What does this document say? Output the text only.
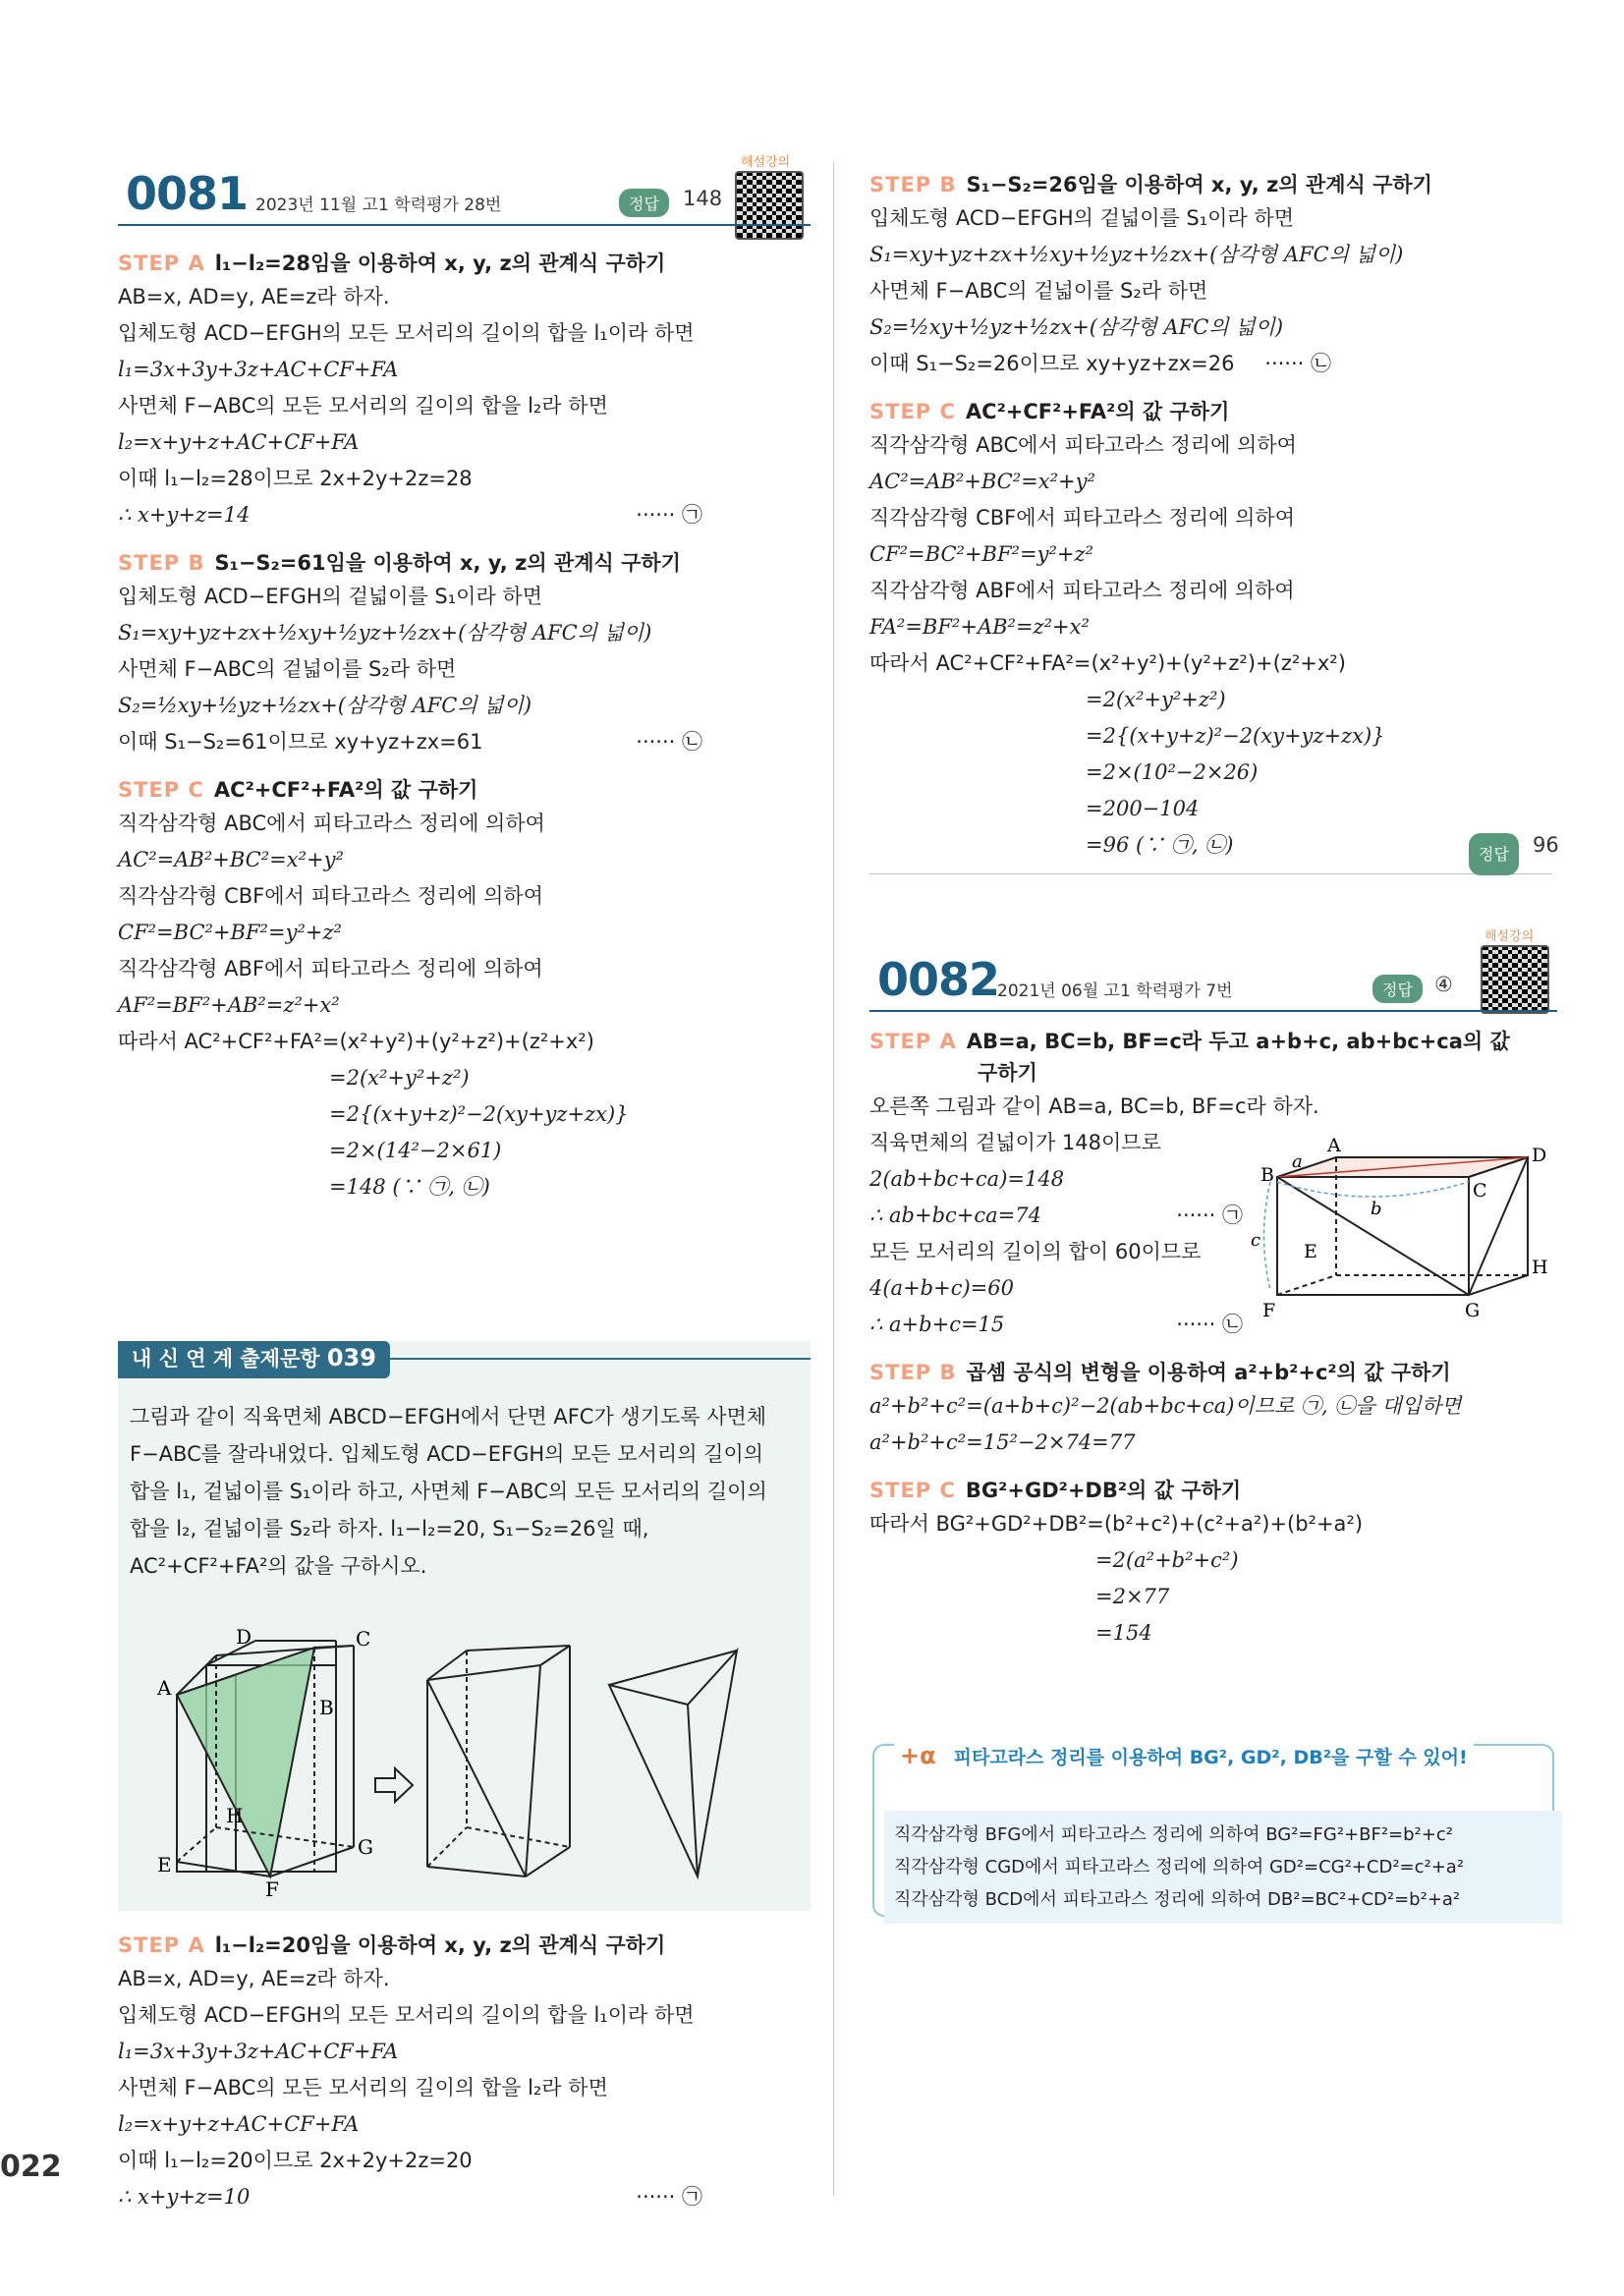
0081 2023년 11월 고1 학력평가 28번	정답	148
해설강의
STEP A l₁−l₂=28임을 이용하여 x, y, z의 관계식 구하기
AB=x, AD=y, AE=z라 하자.
입체도형 ACD−EFGH의 모든 모서리의 길이의 합을 l₁이라 하면
l₁=3x+3y+3z+AC+CF+FA
사면체 F−ABC의 모든 모서리의 길이의 합을 l₂라 하면
l₂=x+y+z+AC+CF+FA
이때 l₁−l₂=28이므로 2x+2y+2z=28
∴ x+y+z=14	······ ㉠
STEP B S₁−S₂=61임을 이용하여 x, y, z의 관계식 구하기
입체도형 ACD−EFGH의 겉넓이를 S₁이라 하면
S₁=xy+yz+zx+½xy+½yz+½zx+(삼각형 AFC의 넓이)
사면체 F−ABC의 겉넓이를 S₂라 하면
S₂=½xy+½yz+½zx+(삼각형 AFC의 넓이)
이때 S₁−S₂=61이므로 xy+yz+zx=61	······ ㉡
STEP C AC²+CF²+FA²의 값 구하기
직각삼각형 ABC에서 피타고라스 정리에 의하여
AC²=AB²+BC²=x²+y²
직각삼각형 CBF에서 피타고라스 정리에 의하여
CF²=BC²+BF²=y²+z²
직각삼각형 ABF에서 피타고라스 정리에 의하여
AF²=BF²+AB²=z²+x²
따라서 AC²+CF²+FA²=(x²+y²)+(y²+z²)+(z²+x²)
=2(x²+y²+z²)
=2{(x+y+z)²−2(xy+yz+zx)}
=2×(14²−2×61)
=148 (∵ ㉠, ㉡)
내 신 연 계 출제문항 039
그림과 같이 직육면체 ABCD−EFGH에서 단면 AFC가 생기도록 사면체
F−ABC를 잘라내었다. 입체도형 ACD−EFGH의 모든 모서리의 길이의
합을 l₁, 겉넓이를 S₁이라 하고, 사면체 F−ABC의 모든 모서리의 길이의
합을 l₂, 겉넓이를 S₂라 하자. l₁−l₂=20, S₁−S₂=26일 때,
AC²+CF²+FA²의 값을 구하시오.
D
A
C
B
H
G
E
F
STEP A l₁−l₂=20임을 이용하여 x, y, z의 관계식 구하기
AB=x, AD=y, AE=z라 하자.
입체도형 ACD−EFGH의 모든 모서리의 길이의 합을 l₁이라 하면
l₁=3x+3y+3z+AC+CF+FA
사면체 F−ABC의 모든 모서리의 길이의 합을 l₂라 하면
l₂=x+y+z+AC+CF+FA
이때 l₁−l₂=20이므로 2x+2y+2z=20
∴ x+y+z=10	······ ㉠
STEP B S₁−S₂=26임을 이용하여 x, y, z의 관계식 구하기
입체도형 ACD−EFGH의 겉넓이를 S₁이라 하면
S₁=xy+yz+zx+½xy+½yz+½zx+(삼각형 AFC의 넓이)
사면체 F−ABC의 겉넓이를 S₂라 하면
S₂=½xy+½yz+½zx+(삼각형 AFC의 넓이)
이때 S₁−S₂=26이므로 xy+yz+zx=26 ······ ㉡
STEP C AC²+CF²+FA²의 값 구하기
직각삼각형 ABC에서 피타고라스 정리에 의하여
AC²=AB²+BC²=x²+y²
직각삼각형 CBF에서 피타고라스 정리에 의하여
CF²=BC²+BF²=y²+z²
직각삼각형 ABF에서 피타고라스 정리에 의하여
FA²=BF²+AB²=z²+x²
따라서 AC²+CF²+FA²=(x²+y²)+(y²+z²)+(z²+x²)
=2(x²+y²+z²)
=2{(x+y+z)²−2(xy+yz+zx)}
=2×(10²−2×26)
=200−104
=96 (∵ ㉠, ㉡)	정답	96
0082
2021년 06월 고1 학력평가 7번	정답	④
해설강의
STEP A AB=a, BC=b, BF=c라 두고 a+b+c, ab+bc+ca의 값
구하기
오른쪽 그림과 같이 AB=a, BC=b, BF=c라 하자.
직육면체의 겉넓이가 148이므로
2(ab+bc+ca)=148
∴ ab+bc+ca=74	······ ㉠
모든 모서리의 길이의 합이 60이므로
4(a+b+c)=60
∴ a+b+c=15	······ ㉡
A	D
B
C
E
H
F	G
a
b
c
STEP B 곱셈 공식의 변형을 이용하여 a²+b²+c²의 값 구하기
a²+b²+c²=(a+b+c)²−2(ab+bc+ca)이므로 ㉠, ㉡을 대입하면
a²+b²+c²=15²−2×74=77
STEP C BG²+GD²+DB²의 값 구하기
따라서 BG²+GD²+DB²=(b²+c²)+(c²+a²)+(b²+a²)
=2(a²+b²+c²)
=2×77
=154
+α 피타고라스 정리를 이용하여 BG², GD², DB²을 구할 수 있어!
직각삼각형 BFG에서 피타고라스 정리에 의하여 BG²=FG²+BF²=b²+c²
직각삼각형 CGD에서 피타고라스 정리에 의하여 GD²=CG²+CD²=c²+a²
직각삼각형 BCD에서 피타고라스 정리에 의하여 DB²=BC²+CD²=b²+a²
022
